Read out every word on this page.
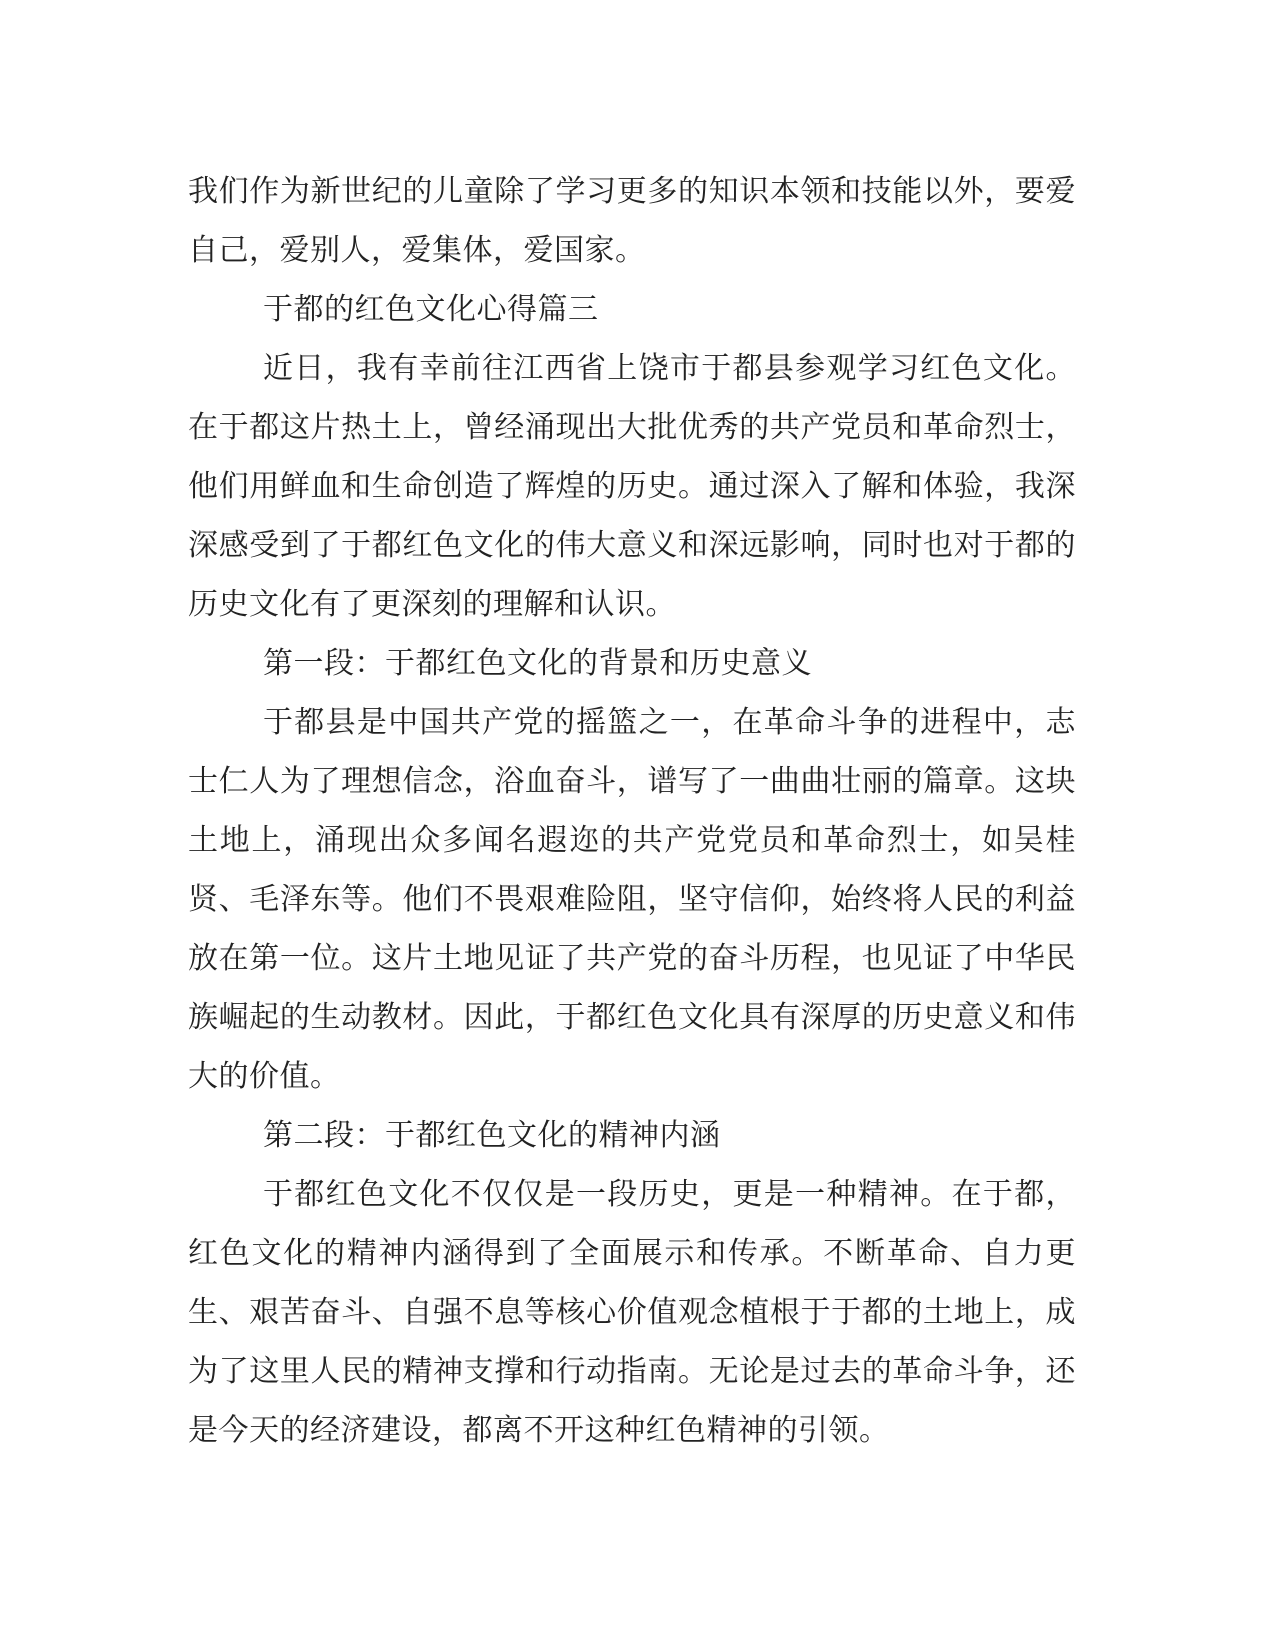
我们作为新世纪的儿童除了学习更多的知识本领和技能以外，要爱自己，爱别人，爱集体，爱国家。

于都的红色文化心得篇三

近日，我有幸前往江西省上饶市于都县参观学习红色文化。在于都这片热土上，曾经涌现出大批优秀的共产党员和革命烈士，他们用鲜血和生命创造了辉煌的历史。通过深入了解和体验，我深深感受到了于都红色文化的伟大意义和深远影响，同时也对于都的历史文化有了更深刻的理解和认识。

第一段：于都红色文化的背景和历史意义

于都县是中国共产党的摇篮之一，在革命斗争的进程中，志士仁人为了理想信念，浴血奋斗，谱写了一曲曲壮丽的篇章。这块土地上，涌现出众多闻名遐迩的共产党党员和革命烈士，如吴桂贤、毛泽东等。他们不畏艰难险阻，坚守信仰，始终将人民的利益放在第一位。这片土地见证了共产党的奋斗历程，也见证了中华民族崛起的生动教材。因此，于都红色文化具有深厚的历史意义和伟大的价值。

第二段：于都红色文化的精神内涵

于都红色文化不仅仅是一段历史，更是一种精神。在于都，红色文化的精神内涵得到了全面展示和传承。不断革命、自力更生、艰苦奋斗、自强不息等核心价值观念植根于于都的土地上，成为了这里人民的精神支撑和行动指南。无论是过去的革命斗争，还是今天的经济建设，都离不开这种红色精神的引领。
